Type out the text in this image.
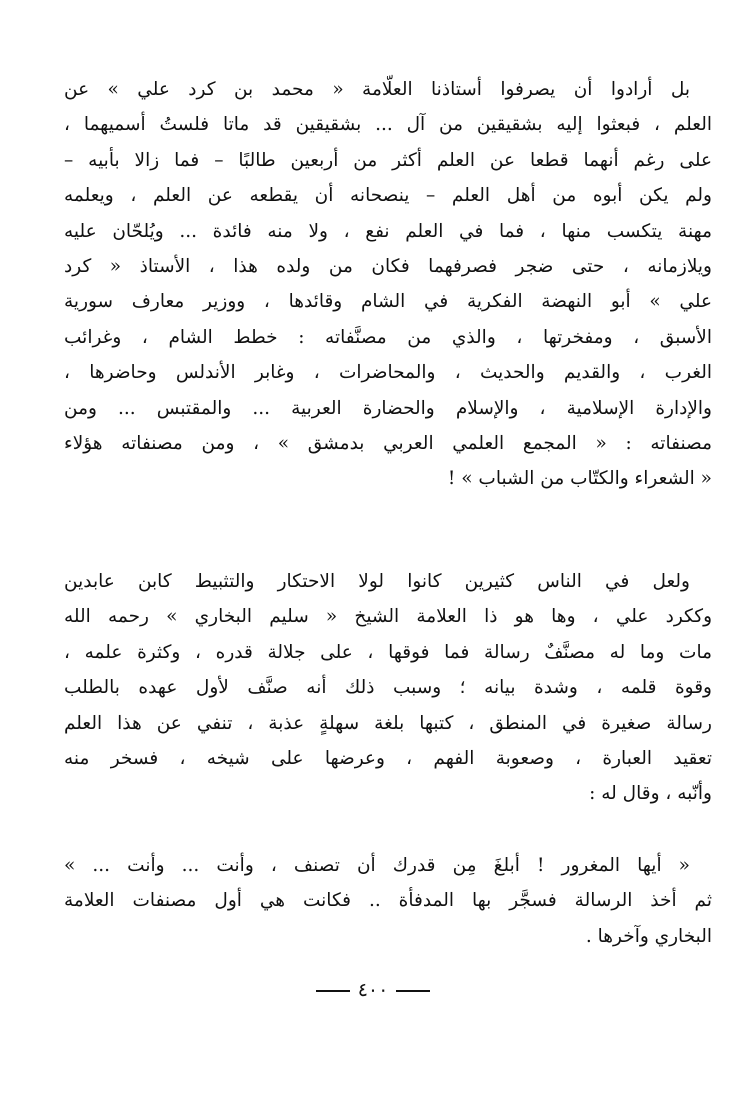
بل أرادوا أن يصرفوا أستاذنا العلّامة « محمد بن كرد علي » عن
العلم ، فبعثوا إليه بشقيقين من آل ... بشقيقين قد ماتا فلستُ أسميهما ،
على رغم أنهما قطعا عن العلم أكثر من أربعين طالبًا – فما زالا بأبيه –
ولم يكن أبوه من أهل العلم – ينصحانه أن يقطعه عن العلم ، ويعلمه
مهنة يتكسب منها ، فما في العلم نفع ، ولا منه فائدة ... ويُلحّان عليه
ويلازمانه ، حتى ضجر فصرفهما فكان من ولده هذا ، الأستاذ « كرد
علي » أبو النهضة الفكرية في الشام وقائدها ، ووزير معارف سورية
الأسبق ، ومفخرتها ، والذي من مصنَّفاته : خطط الشام ، وغرائب
الغرب ، والقديم والحديث ، والمحاضرات ، وغابر الأندلس وحاضرها ،
والإدارة الإسلامية ، والإسلام والحضارة العربية ... والمقتبس ... ومن
مصنفاته : « المجمع العلمي العربي بدمشق » ، ومن مصنفاته هؤلاء
« الشعراء والكتّاب من الشباب » !
ولعل في الناس كثيرين كانوا لولا الاحتكار والتثبيط كابن عابدين
وككرد علي ، وها هو ذا العلامة الشيخ « سليم البخاري » رحمه الله
مات وما له مصنَّفٌ رسالة فما فوقها ، على جلالة قدره ، وكثرة علمه ،
وقوة قلمه ، وشدة بيانه ؛ وسبب ذلك أنه صنَّف لأول عهده بالطلب
رسالة صغيرة في المنطق ، كتبها بلغة سهلةٍ عذبة ، تنفي عن هذا العلم
تعقيد العبارة ، وصعوبة الفهم ، وعرضها على شيخه ، فسخر منه
وأنّبه ، وقال له :
« أيها المغرور ! أبلغَ مِن قدرك أن تصنف ، وأنت ... وأنت ... »
ثم أخذ الرسالة فسجَّر بها المدفأة .. فكانت هي أول مصنفات العلامة
البخاري وآخرها .
٤٠٠
